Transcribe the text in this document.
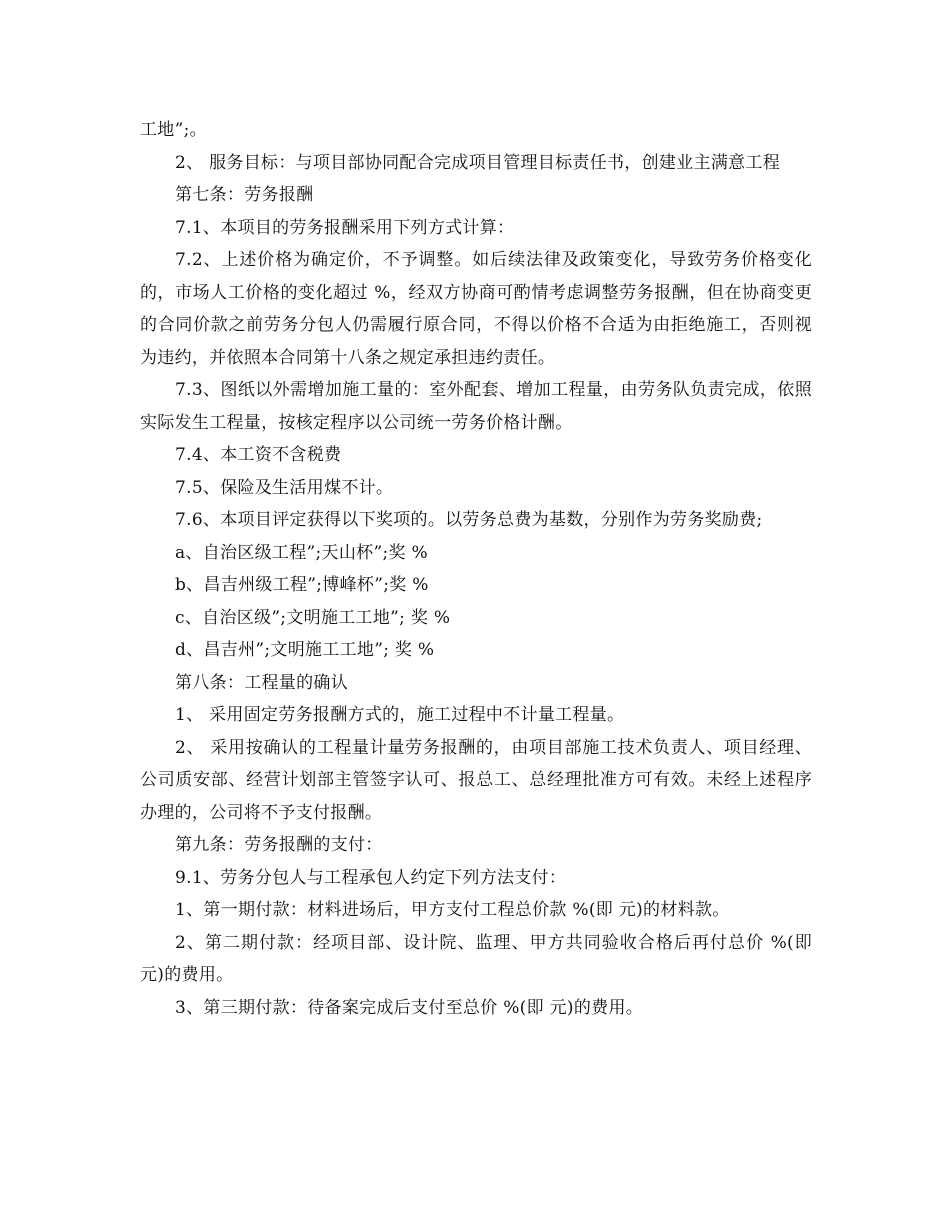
工地”;。

2、 服务目标：与项目部协同配合完成项目管理目标责任书，创建业主满意工程

第七条：劳务报酬

7.1、本项目的劳务报酬采用下列方式计算：

7.2、上述价格为确定价，不予调整。如后续法律及政策变化，导致劳务价格变化的，市场人工价格的变化超过 %，经双方协商可酌情考虑调整劳务报酬，但在协商变更的合同价款之前劳务分包人仍需履行原合同，不得以价格不合适为由拒绝施工，否则视为违约，并依照本合同第十八条之规定承担违约责任。

7.3、图纸以外需增加施工量的：室外配套、增加工程量，由劳务队负责完成，依照实际发生工程量，按核定程序以公司统一劳务价格计酬。

7.4、本工资不含税费

7.5、保险及生活用煤不计。

7.6、本项目评定获得以下奖项的。以劳务总费为基数，分别作为劳务奖励费;

a、自治区级工程”;天山杯”;奖 %

b、昌吉州级工程”;博峰杯”;奖 %

c、自治区级”;文明施工工地”; 奖 %

d、昌吉州”;文明施工工地”; 奖 %

第八条：工程量的确认

1、 采用固定劳务报酬方式的，施工过程中不计量工程量。

2、 采用按确认的工程量计量劳务报酬的，由项目部施工技术负责人、项目经理、公司质安部、经营计划部主管签字认可、报总工、总经理批准方可有效。未经上述程序办理的，公司将不予支付报酬。

第九条：劳务报酬的支付：

9.1、劳务分包人与工程承包人约定下列方法支付：

1、第一期付款：材料进场后，甲方支付工程总价款 %(即 元)的材料款。

2、第二期付款：经项目部、设计院、监理、甲方共同验收合格后再付总价 %(即 元)的费用。

3、第三期付款：待备案完成后支付至总价 %(即 元)的费用。
